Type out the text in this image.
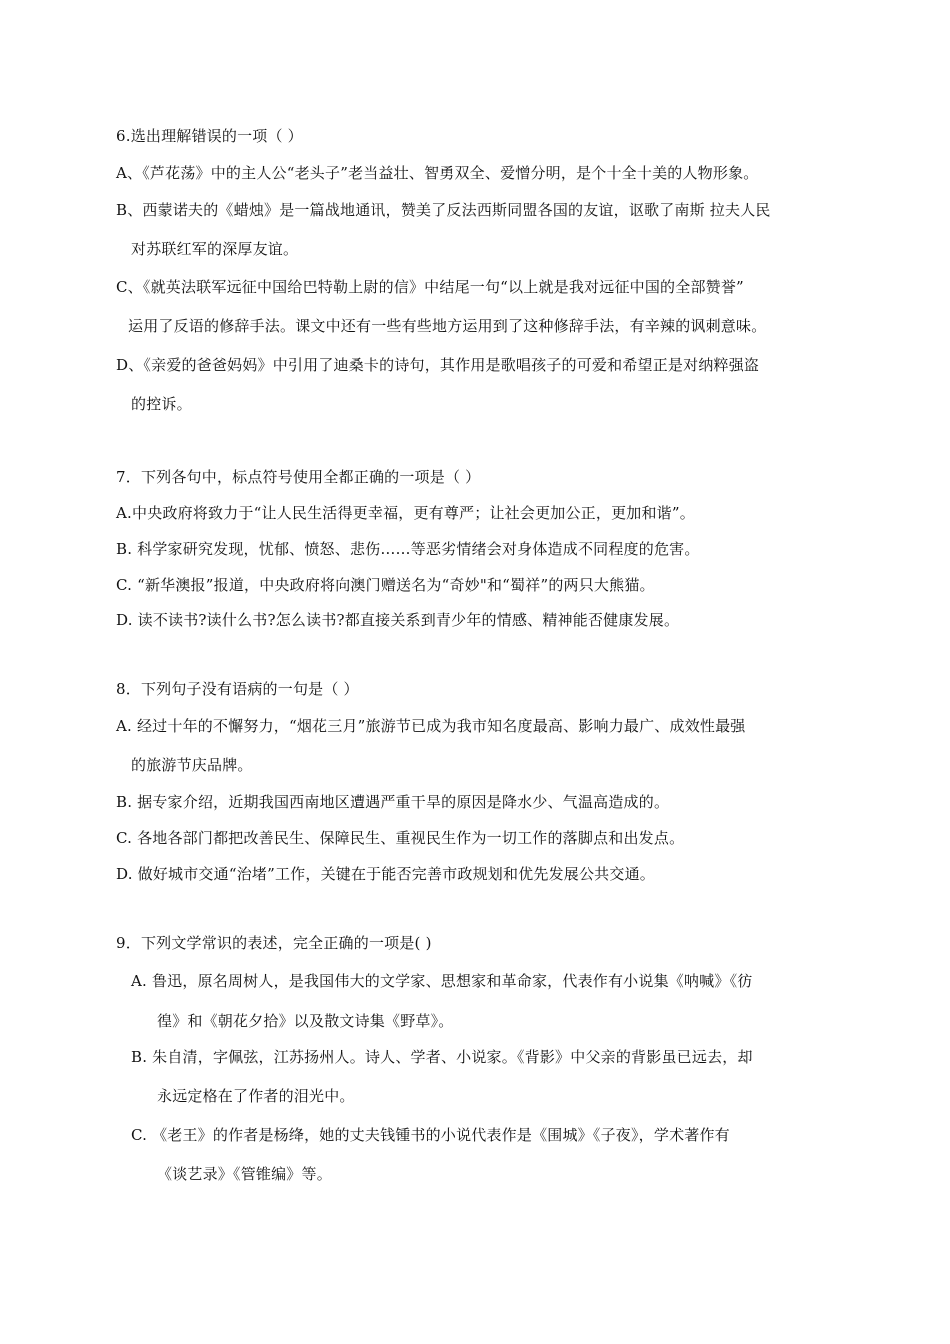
6.选出理解错误的一项（ ）
A、《芦花荡》中的主人公“老头子”老当益壮、智勇双全、爱憎分明，是个十全十美的人物形象。
B、西蒙诺夫的《蜡烛》是一篇战地通讯，赞美了反法西斯同盟各国的友谊，讴歌了南斯 拉夫人民
对苏联红军的深厚友谊。
C、《就英法联军远征中国给巴特勒上尉的信》中结尾一句“以上就是我对远征中国的全部赞誉”
运用了反语的修辞手法。课文中还有一些有些地方运用到了这种修辞手法，有辛辣的讽刺意味。
D、《亲爱的爸爸妈妈》中引用了迪桑卡的诗句，其作用是歌唱孩子的可爱和希望正是对纳粹强盗
的控诉。
7．下列各句中，标点符号使用全都正确的一项是（ ）
A.中央政府将致力于“让人民生活得更幸福，更有尊严；让社会更加公正，更加和谐”。
B. 科学家研究发现，忧郁、愤怒、悲伤……等恶劣情绪会对身体造成不同程度的危害。
C. “新华澳报”报道，中央政府将向澳门赠送名为“奇妙"和“蜀祥”的两只大熊猫。
D. 读不读书?读什么书?怎么读书?都直接关系到青少年的情感、精神能否健康发展。
8．下列句子没有语病的一句是（ ）
A. 经过十年的不懈努力，“烟花三月”旅游节已成为我市知名度最高、影响力最广、成效性最强
的旅游节庆品牌。
B. 据专家介绍，近期我国西南地区遭遇严重干旱的原因是降水少、气温高造成的。
C. 各地各部门都把改善民生、保障民生、重视民生作为一切工作的落脚点和出发点。
D. 做好城市交通“治堵”工作，关键在于能否完善市政规划和优先发展公共交通。
9．下列文学常识的表述，完全正确的一项是( )
A. 鲁迅，原名周树人，是我国伟大的文学家、思想家和革命家，代表作有小说集《呐喊》《彷
徨》和《朝花夕拾》以及散文诗集《野草》。
B. 朱自清，字佩弦，江苏扬州人。诗人、学者、小说家。《背影》中父亲的背影虽已远去，却
永远定格在了作者的泪光中。
C. 《老王》的作者是杨绛，她的丈夫钱锺书的小说代表作是《围城》《子夜》，学术著作有
《谈艺录》《管锥编》等。
